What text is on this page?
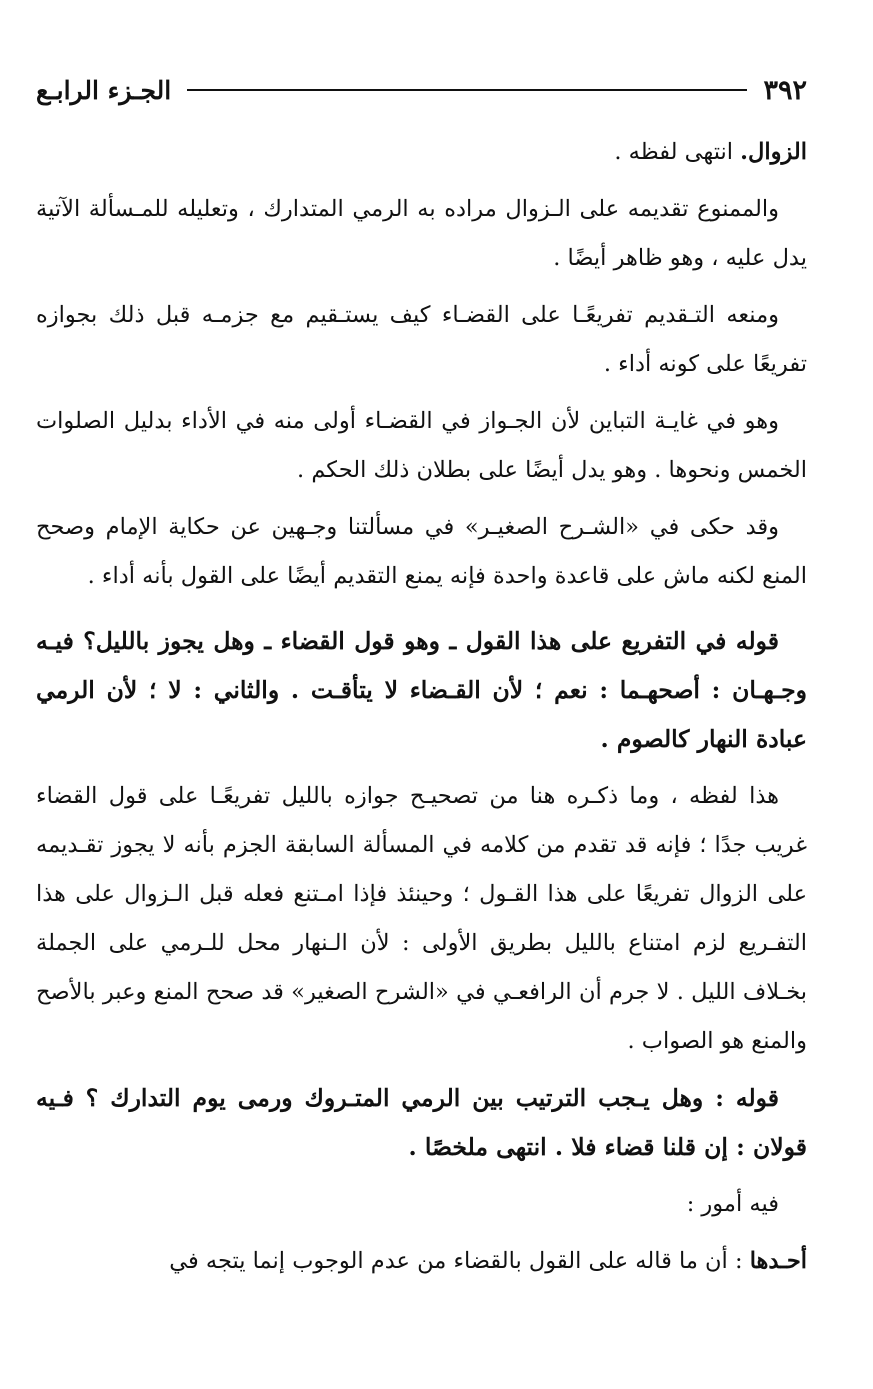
٣٩٢
الجـزء الرابـع

الزوال. انتهى لفظه .

والممنوع تقديمه على الـزوال مراده به الرمي المتدارك ، وتعليله للمـسألة الآتية يدل عليه ، وهو ظاهر أيضًا .

ومنعه التـقديم تفريعًـا على القضـاء كيف يستـقيم مع جزمـه قبل ذلك بجوازه تفريعًا على كونه أداء .

وهو في غايـة التباين لأن الجـواز في القضـاء أولى منه في الأداء بدليل الصلوات الخمس ونحوها . وهو يدل أيضًا على بطلان ذلك الحكم .

وقد حكى في «الشـرح الصغيـر» في مسألتنا وجـهين عن حكاية الإمام وصحح المنع لكنه ماش على قاعدة واحدة فإنه يمنع التقديم أيضًا على القول بأنه أداء .

قوله في التفريع على هذا القول ـ وهو قول القضاء ـ وهل يجوز بالليل؟ فيـه وجـهـان : أصحهـما : نعم ؛ لأن القـضاء لا يتأقـت . والثاني : لا ؛ لأن الرمي عبادة النهار كالصوم .

هذا لفظه ، وما ذكـره هنا من تصحيـح جوازه بالليل تفريعًـا على قول القضاء غريب جدًا ؛ فإنه قد تقدم من كلامه في المسألة السابقة الجزم بأنه لا يجوز تقـديمه على الزوال تفريعًا على هذا القـول ؛ وحينئذ فإذا امـتنع فعله قبل الـزوال على هذا التفـريع لزم امتناع بالليل بطريق الأولى : لأن الـنهار محل للـرمي على الجملة بخـلاف الليل . لا جرم أن الرافعـي في «الشرح الصغير» قد صحح المنع وعبر بالأصح والمنع هو الصواب .

قوله : وهل يـجب الترتيب بين الرمي المتـروك ورمى يوم التدارك ؟ فـيه قولان : إن قلنا قضاء فلا . انتهى ملخصًا .

فيه أمور :

أحـدها : أن ما قاله على القول بالقضاء من عدم الوجوب إنما يتجه في
